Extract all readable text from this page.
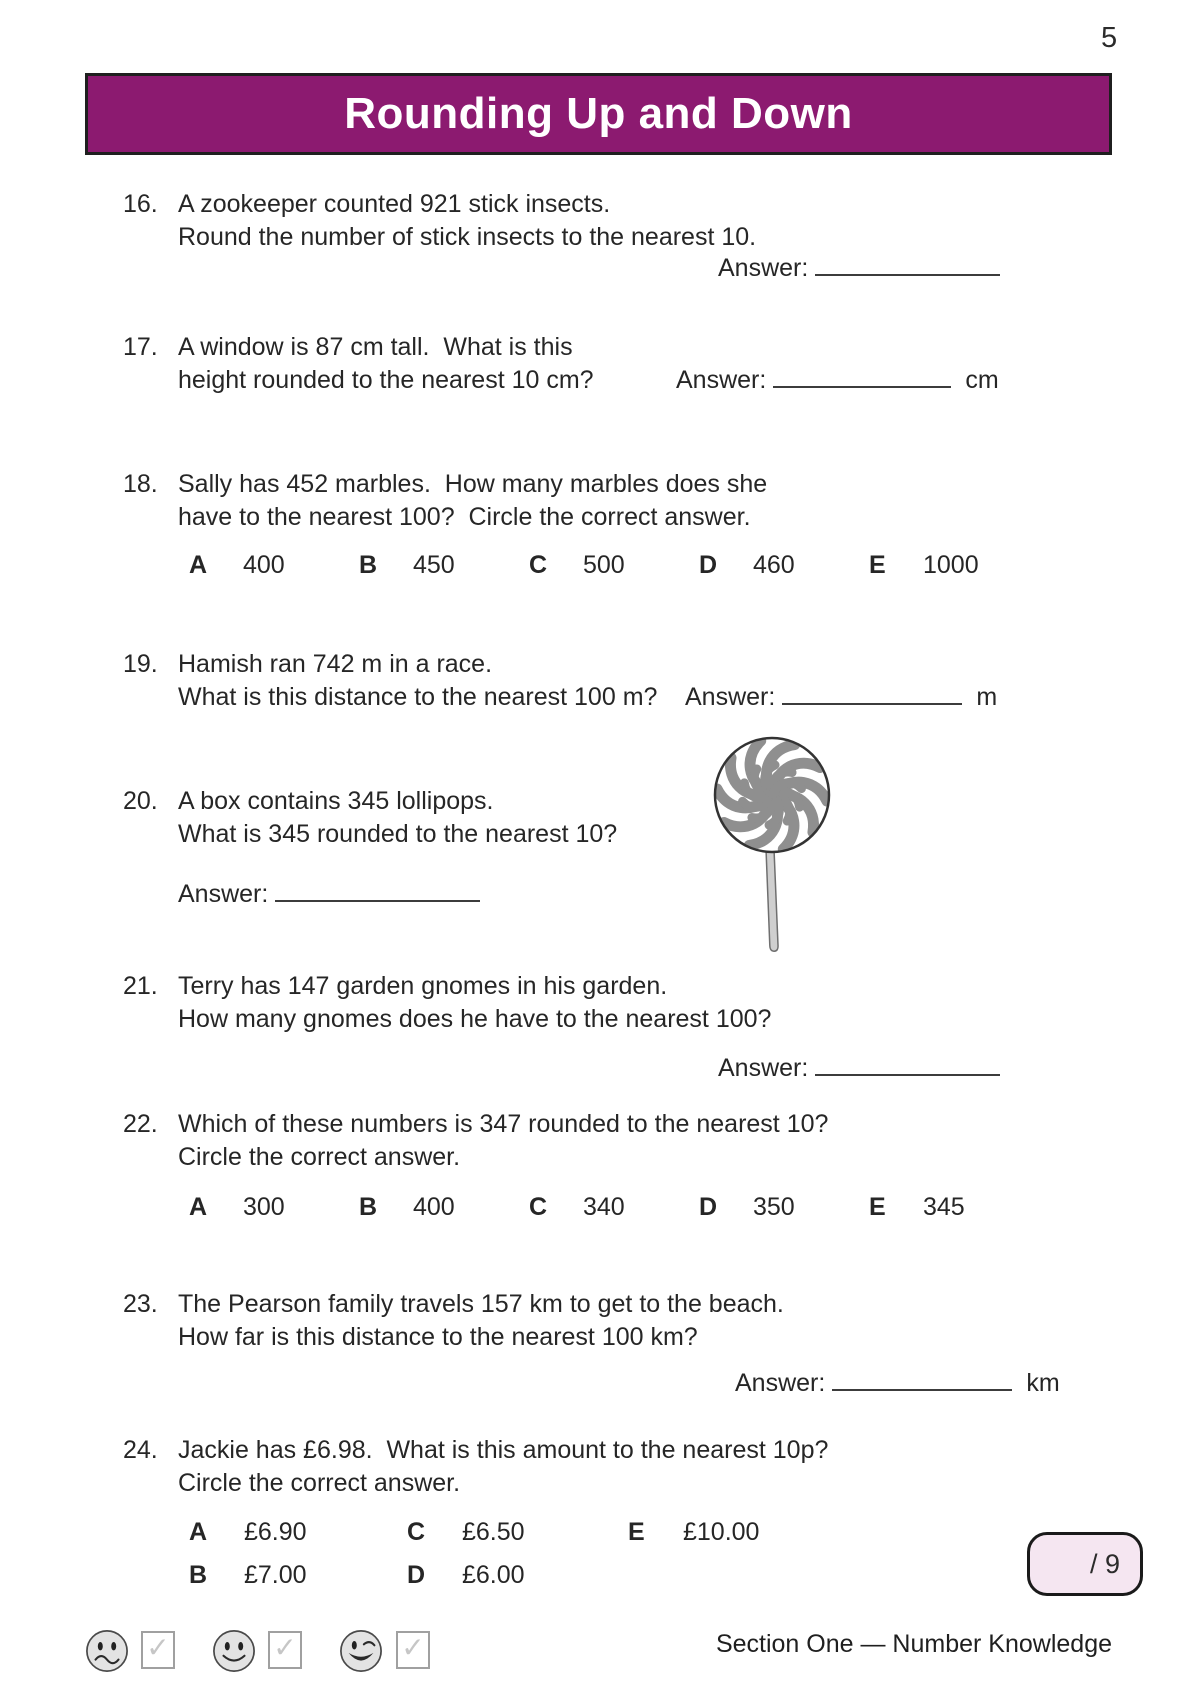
5
Rounding Up and Down
16. A zookeeper counted 921 stick insects.
Round the number of stick insects to the nearest 10.
Answer:
17. A window is 87 cm tall.  What is this
height rounded to the nearest 10 cm?	Answer:	cm
18. Sally has 452 marbles.  How many marbles does she
have to the nearest 100?  Circle the correct answer.
A	400	B	450	C	500	D	460	E	1000
19. Hamish ran 742 m in a race.
What is this distance to the nearest 100 m? Answer:	m
20. A box contains 345 lollipops.
What is 345 rounded to the nearest 10?
Answer:
21. Terry has 147 garden gnomes in his garden.
How many gnomes does he have to the nearest 100?
Answer:
22. Which of these numbers is 347 rounded to the nearest 10?
Circle the correct answer.
A	300	B	400	C	340	D	350	E	345
23. The Pearson family travels 157 km to get to the beach.
How far is this distance to the nearest 100 km?
Answer:	km
24. Jackie has £6.98.  What is this amount to the nearest 10p?
Circle the correct answer.
A	£6.90
B	£7.00
C	£6.50
D	£6.00
E	£10.00
/ 9
✓	✓	✓	Section One — Number Knowledge
